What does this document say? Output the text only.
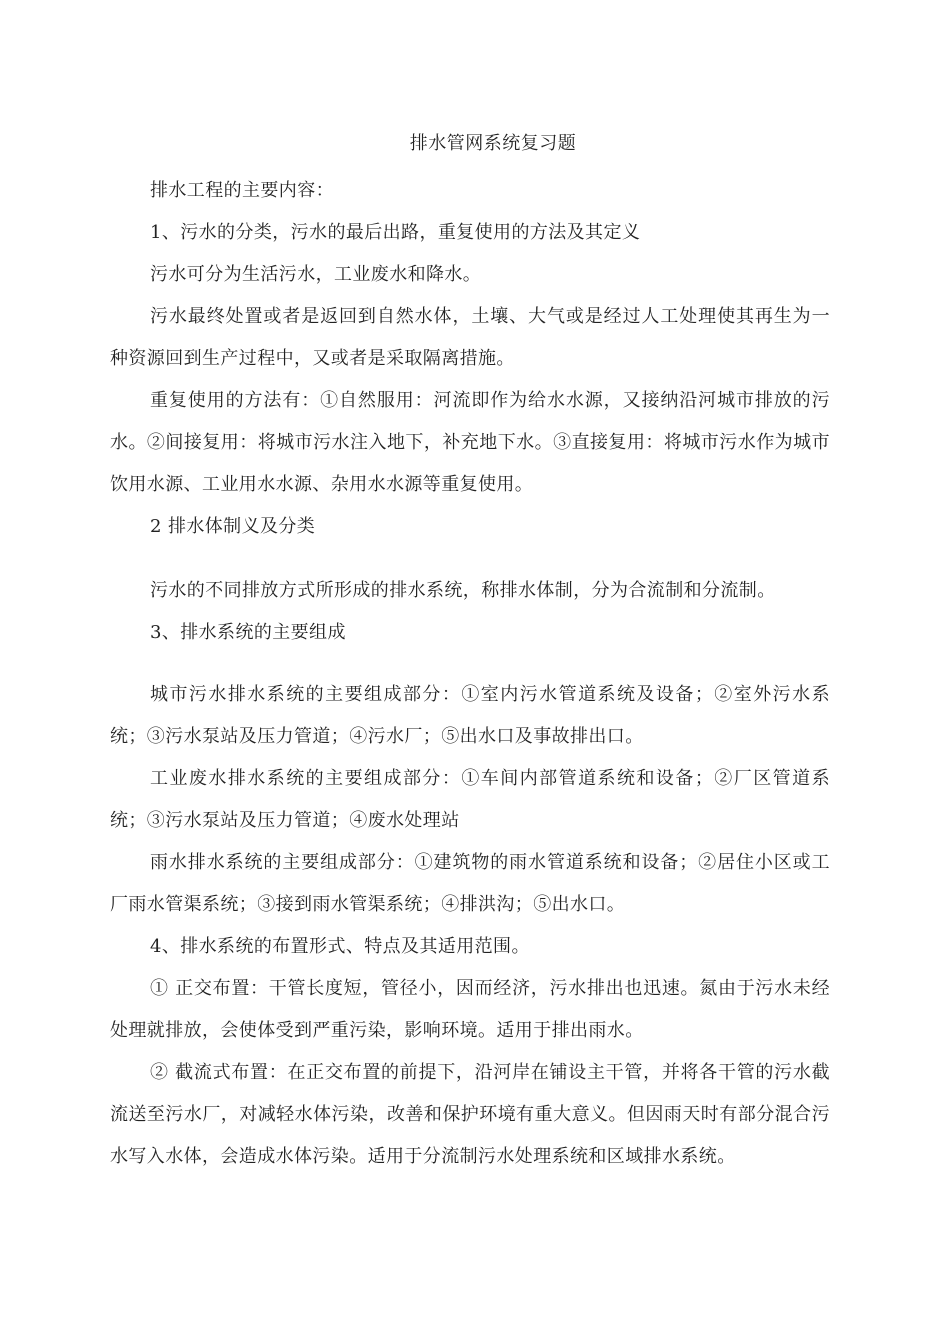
排水管网系统复习题

排水工程的主要内容：

1、污水的分类，污水的最后出路，重复使用的方法及其定义

污水可分为生活污水，工业废水和降水。

污水最终处置或者是返回到自然水体，土壤、大气或是经过人工处理使其再生为一种资源回到生产过程中，又或者是采取隔离措施。

重复使用的方法有：①自然服用：河流即作为给水水源，又接纳沿河城市排放的污水。②间接复用：将城市污水注入地下，补充地下水。③直接复用：将城市污水作为城市饮用水源、工业用水水源、杂用水水源等重复使用。

2 排水体制义及分类

污水的不同排放方式所形成的排水系统，称排水体制，分为合流制和分流制。

3、排水系统的主要组成

城市污水排水系统的主要组成部分：①室内污水管道系统及设备；②室外污水系统；③污水泵站及压力管道；④污水厂；⑤出水口及事故排出口。

工业废水排水系统的主要组成部分：①车间内部管道系统和设备；②厂区管道系统；③污水泵站及压力管道；④废水处理站

雨水排水系统的主要组成部分：①建筑物的雨水管道系统和设备；②居住小区或工厂雨水管渠系统；③接到雨水管渠系统；④排洪沟；⑤出水口。

4、排水系统的布置形式、特点及其适用范围。

① 正交布置：干管长度短，管径小，因而经济，污水排出也迅速。氮由于污水未经处理就排放，会使体受到严重污染，影响环境。适用于排出雨水。

② 截流式布置：在正交布置的前提下，沿河岸在铺设主干管，并将各干管的污水截流送至污水厂，对减轻水体污染，改善和保护环境有重大意义。但因雨天时有部分混合污水写入水体，会造成水体污染。适用于分流制污水处理系统和区域排水系统。
